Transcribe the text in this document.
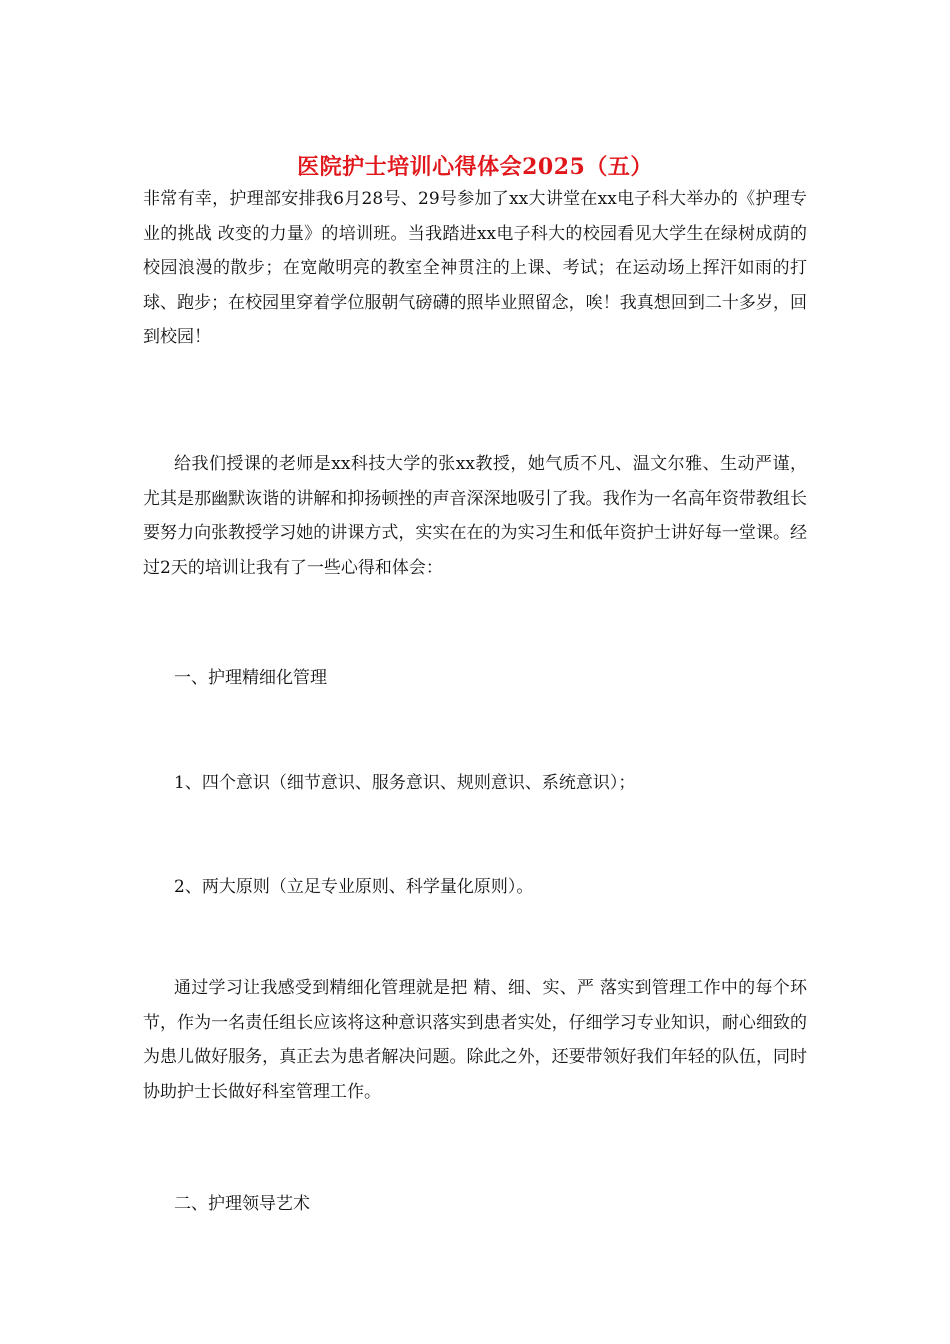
医院护士培训心得体会2025（五）
非常有幸，护理部安排我6月28号、29号参加了xx大讲堂在xx电子科大举办的《护理专业的挑战 改变的力量》的培训班。当我踏进xx电子科大的校园看见大学生在绿树成荫的校园浪漫的散步；在宽敞明亮的教室全神贯注的上课、考试；在运动场上挥汗如雨的打球、跑步；在校园里穿着学位服朝气磅礴的照毕业照留念，唉！我真想回到二十多岁，回到校园！
给我们授课的老师是xx科技大学的张xx教授，她气质不凡、温文尔雅、生动严谨，尤其是那幽默诙谐的讲解和抑扬顿挫的声音深深地吸引了我。我作为一名高年资带教组长要努力向张教授学习她的讲课方式，实实在在的为实习生和低年资护士讲好每一堂课。经过2天的培训让我有了一些心得和体会：
一、护理精细化管理
1、四个意识（细节意识、服务意识、规则意识、系统意识）；
2、两大原则（立足专业原则、科学量化原则）。
通过学习让我感受到精细化管理就是把 精、细、实、严 落实到管理工作中的每个环节，作为一名责任组长应该将这种意识落实到患者实处，仔细学习专业知识，耐心细致的为患儿做好服务，真正去为患者解决问题。除此之外，还要带领好我们年轻的队伍，同时协助护士长做好科室管理工作。
二、护理领导艺术
